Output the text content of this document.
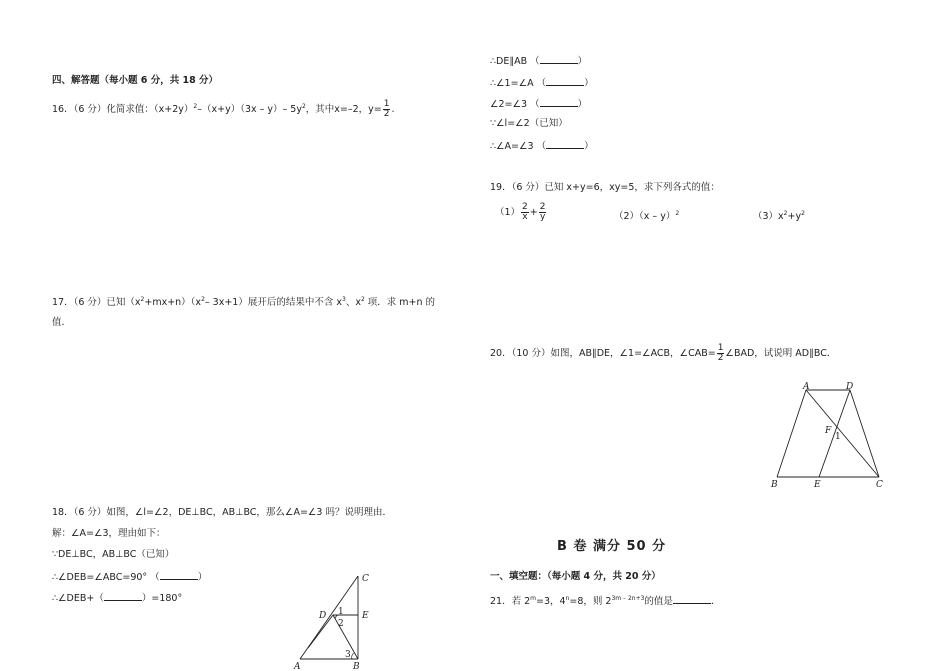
四、解答题（每小题 6 分，共 18 分）
16．（6 分）化简求值：$(x+2y)^2-(x+y)(3x - y)-$ $5y^2$，其中x=–2，$y= \frac{1}{2}$ .
17．（6 分）已知$(x^2+mx+n)(x^2-$ 3x+1）展开后的结果中不含 $x^3$、$x^2$ 项．求 m+n 的
值．
18．（6 分）如图，∠l=∠2，DE⊥BC，AB⊥BC，那么∠A=∠3 吗？说明理由．
解：∠A=∠3，理由如下：
∵DE⊥BC，AB⊥BC（已知）
∴∠DEB=∠ABC=90° （	）
∴∠DEB+（	）=180°
C
D	E
A	B
1
2
3
∴DE∥AB （	）
∴∠1=∠A （	）
∠2=∠3 （	）
∵∠l=∠2（已知）
∴∠A=∠3 （	）
19．（6 分）已知 x+y=6，xy=5，求下列各式的值：
$(1) \frac{2}{x} + \frac{2}{y}$	（2）（x – y）$^2$	$(3)x^2+y^2$
20．（10 分）如图，AB∥DE，∠1=∠ACB，∠CAB= $\frac{1}{2}$ ∠BAD，试说明 AD∥BC．
A	D
F
1
B	E	C
B 卷 满分 50 分
一、填空题：（每小题 4 分，共 20 分）
21．若 $2^m=3$，$4^n=8$，则 $2^{3m - 2n+3}$的值是	．
